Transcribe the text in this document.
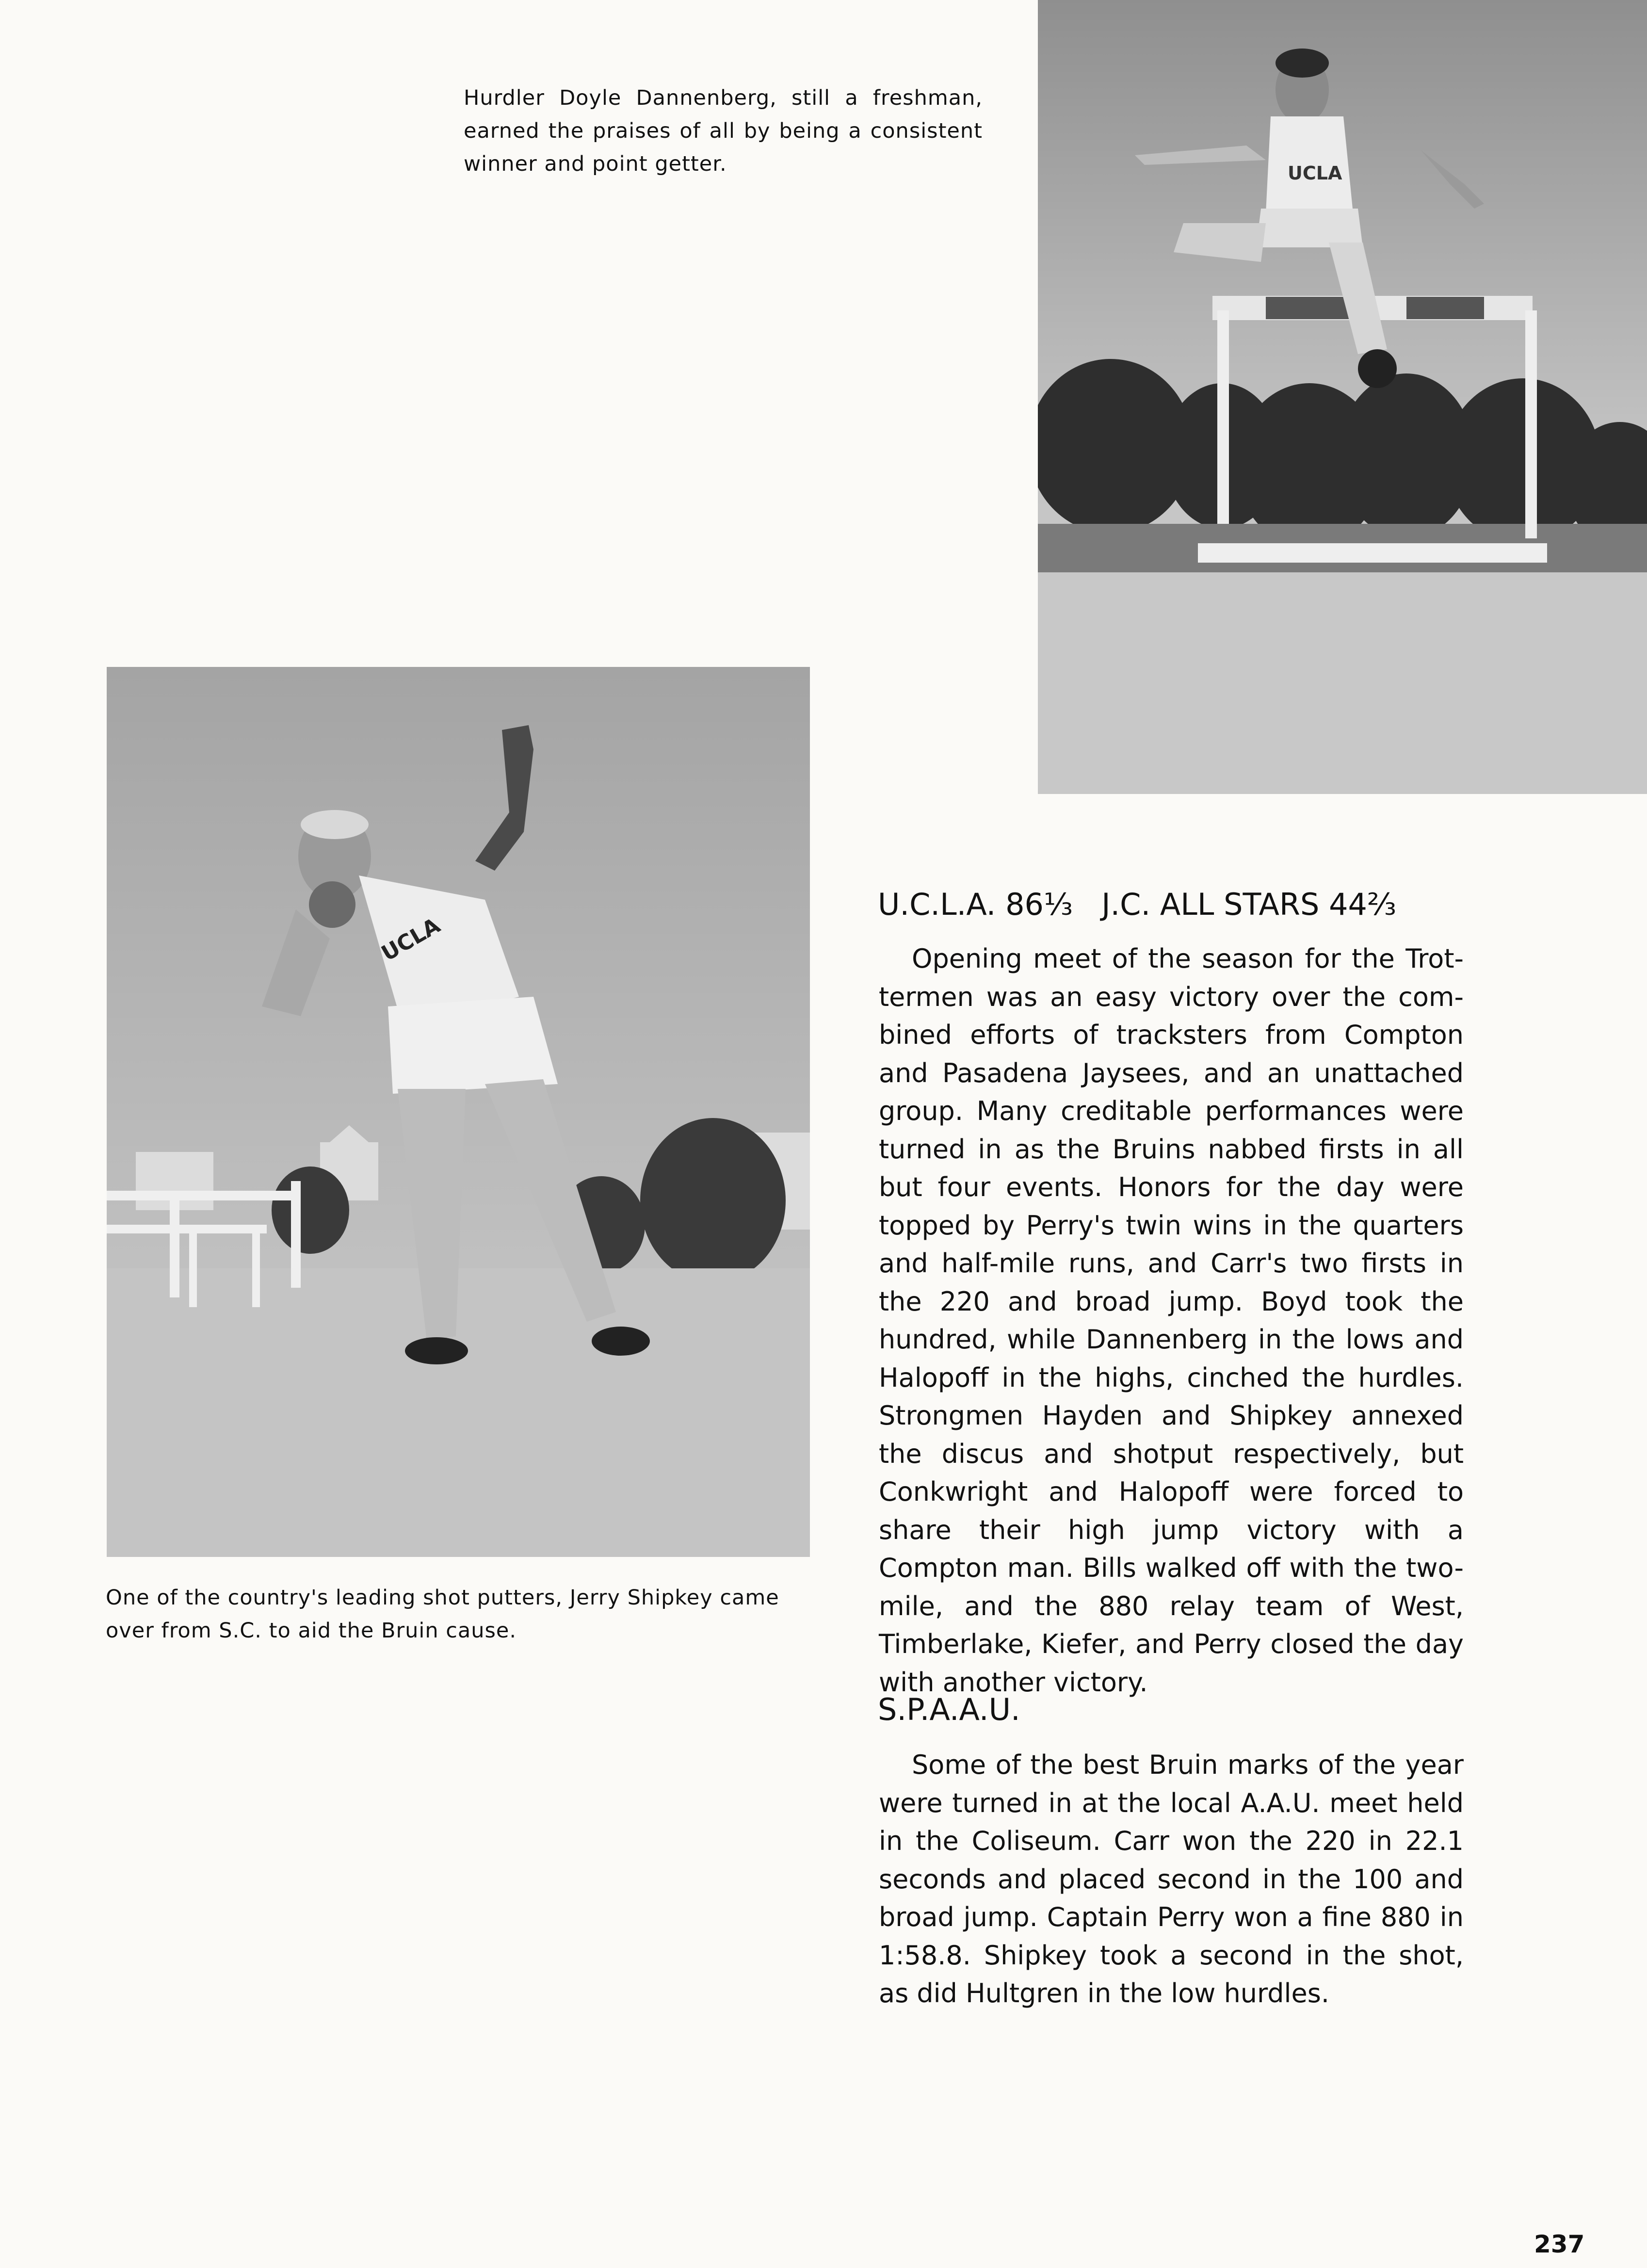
Hurdler Doyle Dannenberg, still a freshman, earned the praises of all by being a consistent winner and point getter.	UCLA
UCLA
One of the country's leading shot putters, Jerry Shipkey came over from S.C. to aid the Bruin cause.
U.C.L.A. 86⅓ J.C. ALL STARS 44⅔

Opening meet of the season for the Trottermen was an easy victory over the combined efforts of tracksters from Compton and Pasadena Jaysees, and an unattached group. Many creditable performances were turned in as the Bruins nabbed firsts in all but four events. Honors for the day were topped by Perry's twin wins in the quarters and half-mile runs, and Carr's two firsts in the 220 and broad jump. Boyd took the hundred, while Dannenberg in the lows and Halopoff in the highs, cinched the hurdles. Strongmen Hayden and Shipkey annexed the discus and shotput respectively, but Conkwright and Halopoff were forced to share their high jump victory with a Compton man. Bills walked off with the two-mile, and the 880 relay team of West, Timberlake, Kiefer, and Perry closed the day with another victory.

S.P.A.A.U.

Some of the best Bruin marks of the year were turned in at the local A.A.U. meet held in the Coliseum. Carr won the 220 in 22.1 seconds and placed second in the 100 and broad jump. Captain Perry won a fine 880 in 1:58.8. Shipkey took a second in the shot, as did Hultgren in the low hurdles.

237
